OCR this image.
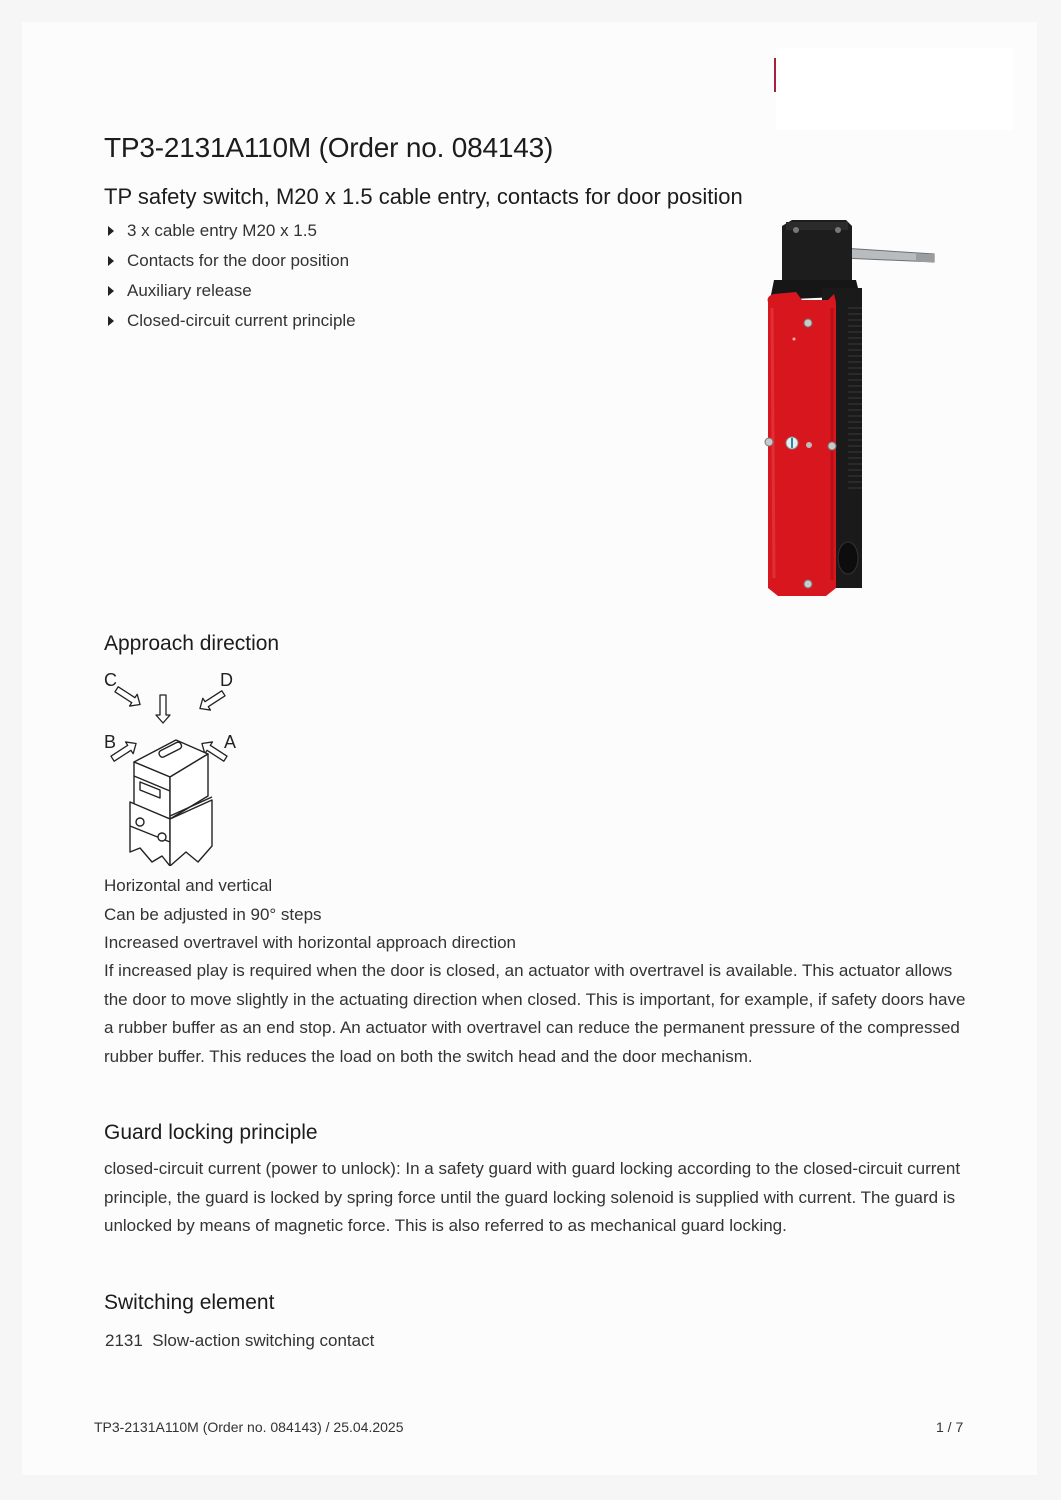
TP3-2131A110M (Order no. 084143)
TP safety switch, M20 x 1.5 cable entry, contacts for door position
3 x cable entry M20 x 1.5
Contacts for the door position
Auxiliary release
Closed-circuit current principle
Approach direction
C	D
B	A
Horizontal and vertical
Can be adjusted in 90° steps
Increased overtravel with horizontal approach direction
If increased play is required when the door is closed, an actuator with overtravel is available. This actuator allows the door to move slightly in the actuating direction when closed. This is important, for example, if safety doors have a rubber buffer as an end stop. An actuator with overtravel can reduce the permanent pressure of the compressed rubber buffer. This reduces the load on both the switch head and the door mechanism.
Guard locking principle
closed-circuit current (power to unlock): In a safety guard with guard locking according to the closed-circuit current principle, the guard is locked by spring force until the guard locking solenoid is supplied with current. The guard is unlocked by means of magnetic force. This is also referred to as mechanical guard locking.
Switching element
2131 Slow-action switching contact
TP3-2131A110M (Order no. 084143) / 25.04.2025	1 / 7
